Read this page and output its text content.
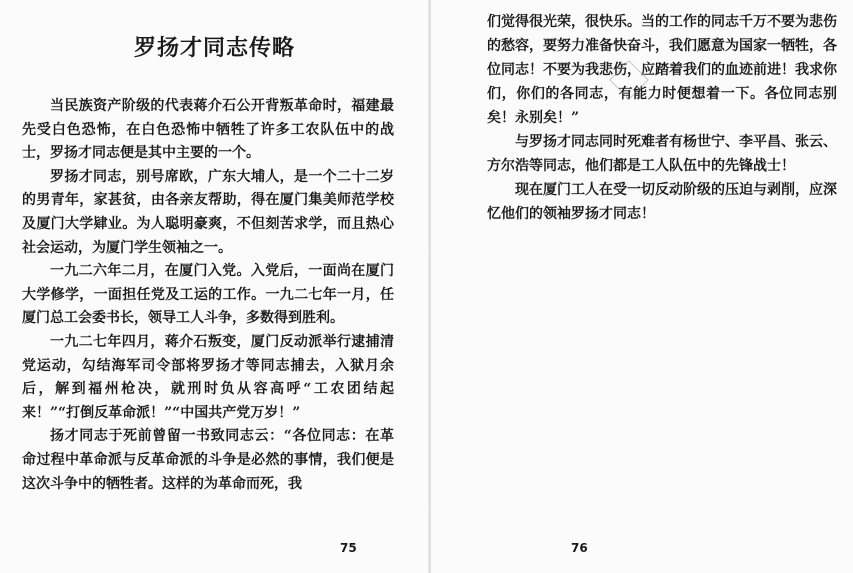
罗扬才同志传略

当民族资产阶级的代表蒋介石公开背叛革命时，福建最先受白色恐怖，在白色恐怖中牺牲了许多工农队伍中的战士，罗扬才同志便是其中主要的一个。

罗扬才同志，别号席欧，广东大埔人，是一个二十二岁的男青年，家甚贫，由各亲友帮助，得在厦门集美师范学校及厦门大学肄业。为人聪明豪爽，不但刻苦求学，而且热心社会运动，为厦门学生领袖之一。

一九二六年二月，在厦门入党。入党后，一面尚在厦门大学修学，一面担任党及工运的工作。一九二七年一月，任厦门总工会委书长，领导工人斗争，多数得到胜利。

一九二七年四月，蒋介石叛变，厦门反动派举行逮捕清党运动，勾结海军司令部将罗扬才等同志捕去，入狱月余后，解到福州枪决，就刑时负从容高呼“工农团结起来！”“打倒反革命派！”“中国共产党万岁！”

扬才同志于死前曾留一书致同志云：“各位同志：在革命过程中革命派与反革命派的斗争是必然的事情，我们便是这次斗争中的牺牲者。这样的为革命而死，我

75

们觉得很光荣，很快乐。当的工作的同志千万不要为悲伤的愁容，要努力准备快奋斗，我们愿意为国家一牺牲，各位同志！不要为我悲伤，应踏着我们的血迹前进！我求你们，你们的各同志，有能力时便想着一下。各位同志别矣！永别矣！”

与罗扬才同志同时死难者有杨世宁、李平昌、张云、方尔浩等同志，他们都是工人队伍中的先锋战士！

现在厦门工人在受一切反动阶级的压迫与剥削，应深忆他们的领袖罗扬才同志！

76
